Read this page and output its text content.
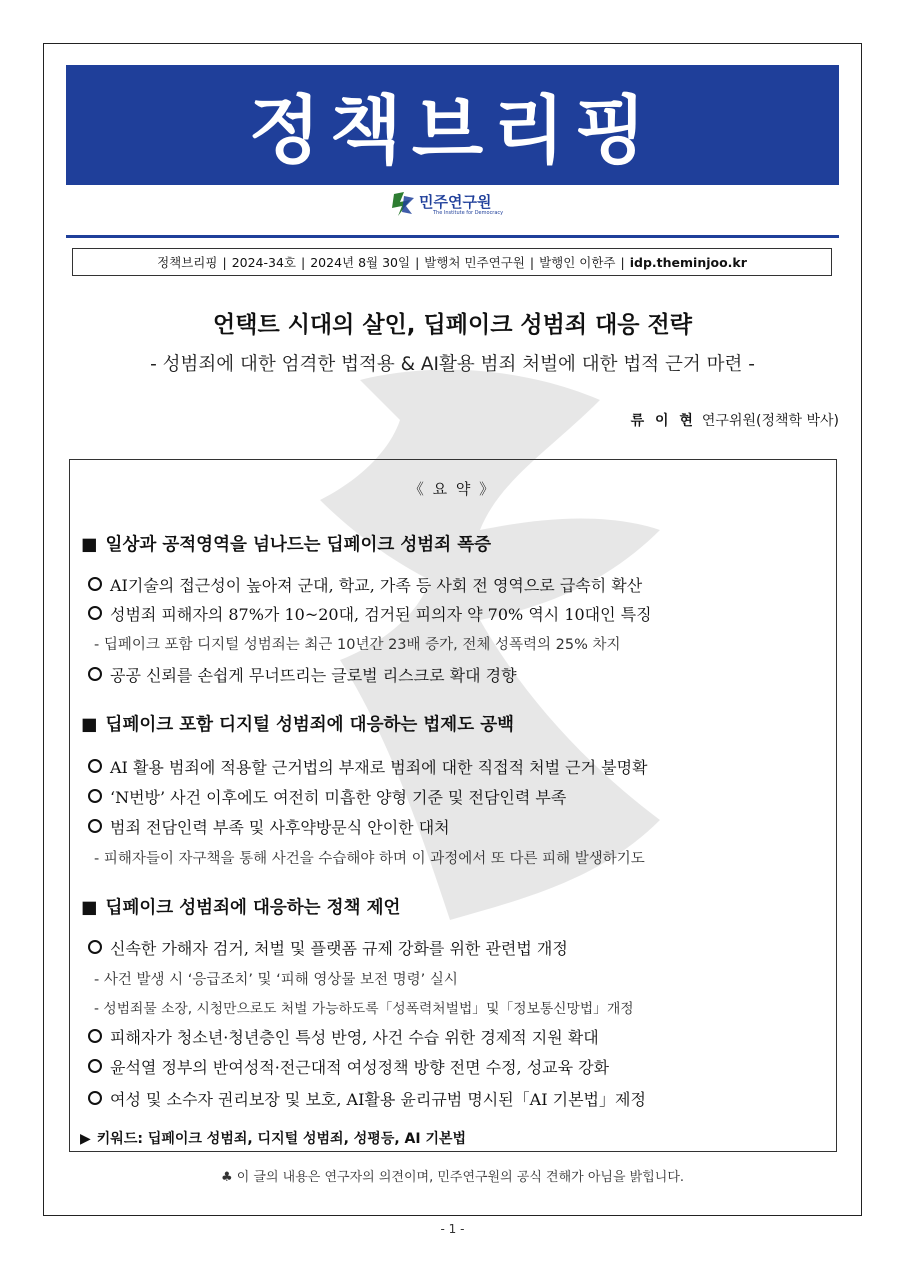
정책브리핑
민주연구원
The Institute for Democracy
정책브리핑 | 2024-34호 | 2024년 8월 30일 | 발행처 민주연구원 | 발행인 이한주 | idp.theminjoo.kr
언택트 시대의 살인, 딥페이크 성범죄 대응 전략
- 성범죄에 대한 엄격한 법적용 & AI활용 범죄 처벌에 대한 법적 근거 마련 -
류 이 현 연구위원(정책학 박사)
《 요 약 》
■ 일상과 공적영역을 넘나드는 딥페이크 성범죄 폭증
AI기술의 접근성이 높아져 군대, 학교, 가족 등 사회 전 영역으로 급속히 확산
성범죄 피해자의 87%가 10~20대, 검거된 피의자 약 70% 역시 10대인 특징
- 딥페이크 포함 디지털 성범죄는 최근 10년간 23배 증가, 전체 성폭력의 25% 차지
공공 신뢰를 손쉽게 무너뜨리는 글로벌 리스크로 확대 경향
■ 딥페이크 포함 디지털 성범죄에 대응하는 법제도 공백
AI 활용 범죄에 적용할 근거법의 부재로 범죄에 대한 직접적 처벌 근거 불명확
‘N번방’ 사건 이후에도 여전히 미흡한 양형 기준 및 전담인력 부족
범죄 전담인력 부족 및 사후약방문식 안이한 대처
- 피해자들이 자구책을 통해 사건을 수습해야 하며 이 과정에서 또 다른 피해 발생하기도
■ 딥페이크 성범죄에 대응하는 정책 제언
신속한 가해자 검거, 처벌 및 플랫폼 규제 강화를 위한 관련법 개정
- 사건 발생 시 ‘응급조치’ 및 ‘피해 영상물 보전 명령’ 실시
- 성범죄물 소장, 시청만으로도 처벌 가능하도록「성폭력처벌법」및「정보통신망법」개정
피해자가 청소년·청년층인 특성 반영, 사건 수습 위한 경제적 지원 확대
윤석열 정부의 반여성적·전근대적 여성정책 방향 전면 수정, 성교육 강화
여성 및 소수자 권리보장 및 보호, AI활용 윤리규범 명시된「AI 기본법」제정
▶ 키워드: 딥페이크 성범죄, 디지털 성범죄, 성평등, AI 기본법
♣ 이 글의 내용은 연구자의 의견이며, 민주연구원의 공식 견해가 아님을 밝힙니다.
- 1 -
